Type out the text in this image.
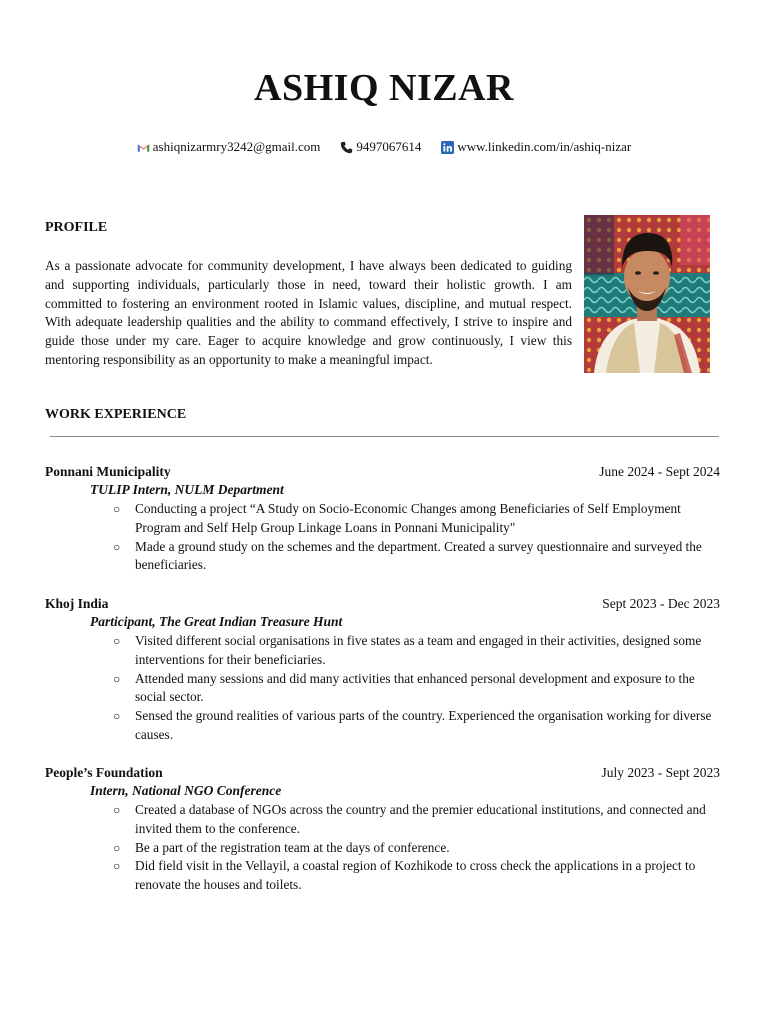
ASHIQ NIZAR
ashiqnizarmry3242@gmail.com	9497067614	www.linkedin.com/in/ashiq-nizar
PROFILE
As a passionate advocate for community development, I have always been dedicated to guiding and supporting individuals, particularly those in need, toward their holistic growth. I am committed to fostering an environment rooted in Islamic values, discipline, and mutual respect. With adequate leadership qualities and the ability to command effectively, I strive to inspire and guide those under my care. Eager to acquire knowledge and grow continuously, I view this mentoring responsibility as an opportunity to make a meaningful impact.
WORK EXPERIENCE
Ponnani Municipality	June 2024 - Sept 2024
TULIP Intern, NULM Department
○ Conducting a project “A Study on Socio-Economic Changes among Beneficiaries of Self Employment Program and Self Help Group Linkage Loans in Ponnani Municipality"
○ Made a ground study on the schemes and the department. Created a survey questionnaire and surveyed the beneficiaries.
Khoj India	Sept 2023 - Dec 2023
Participant, The Great Indian Treasure Hunt
○ Visited different social organisations in five states as a team and engaged in their activities, designed some interventions for their beneficiaries.
○ Attended many sessions and did many activities that enhanced personal development and exposure to the social sector.
○ Sensed the ground realities of various parts of the country. Experienced the organisation working for diverse causes.
People’s Foundation	July 2023 - Sept 2023
Intern, National NGO Conference
○ Created a database of NGOs across the country and the premier educational institutions, and connected and invited them to the conference.
○ Be a part of the registration team at the days of conference.
○ Did field visit in the Vellayil, a coastal region of Kozhikode to cross check the applications in a project to renovate the houses and toilets.
